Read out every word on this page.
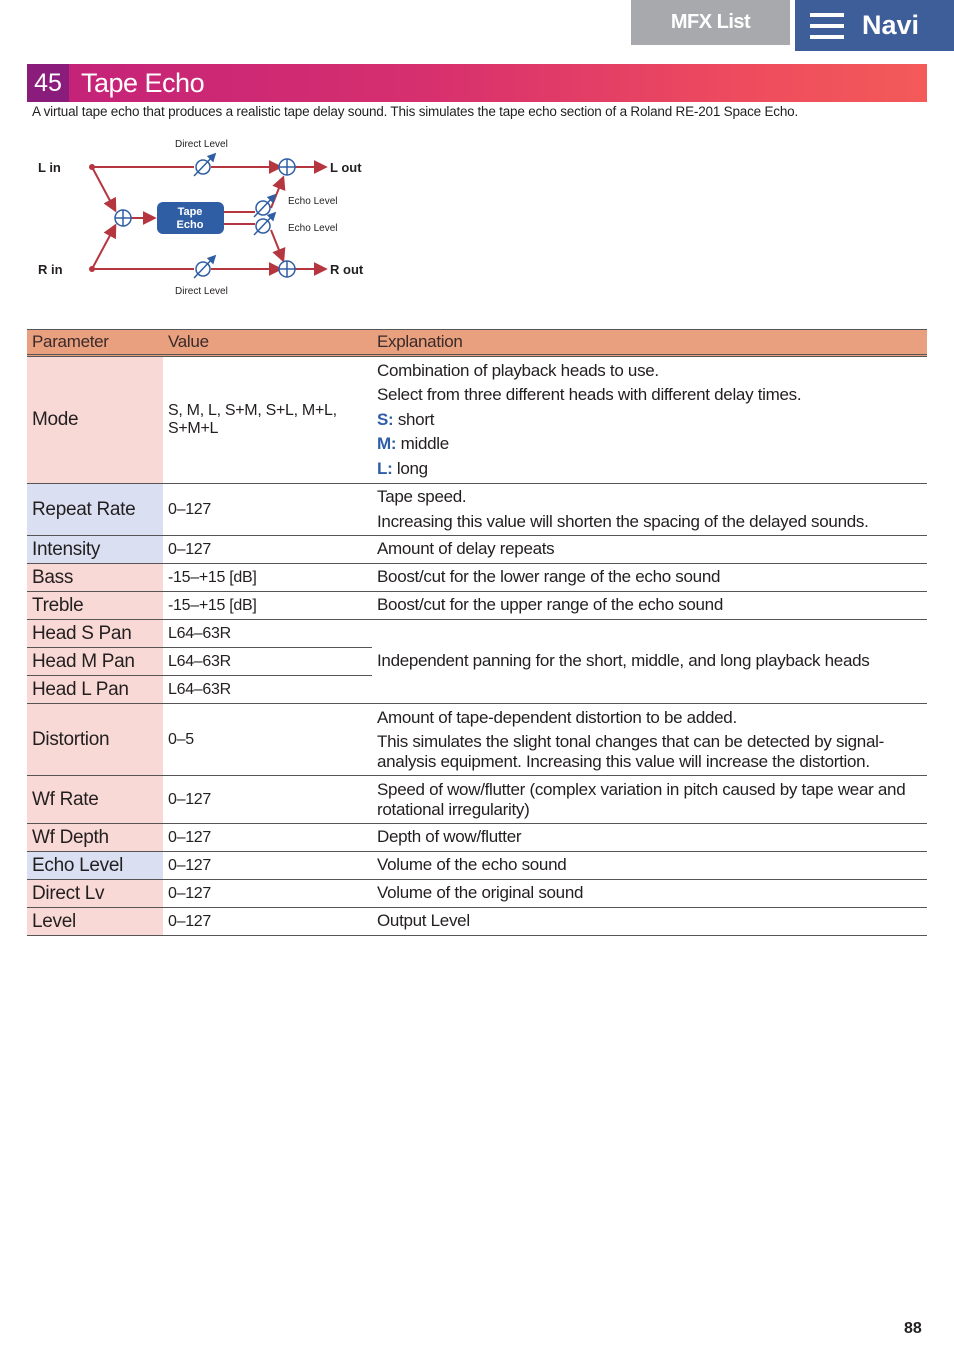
MFX List	Navi
45 Tape Echo
A virtual tape echo that produces a realistic tape delay sound. This simulates the tape echo section of a Roland RE-201 Space Echo.
Tape
Echo
L in
R in
L out
R out
Direct Level
Direct Level
Echo Level
Echo Level
Parameter	Value	Explanation
Mode	S, M, L, S+M, S+L, M+L, S+M+L	Combination of playback heads to use.
Select from three different heads with different delay times.
S: short
M: middle
L: long

Repeat Rate	0–127	Tape speed.
Increasing this value will shorten the spacing of the delayed sounds.

Intensity	0–127	Amount of delay repeats
Bass	-15–+15 [dB]	Boost/cut for the lower range of the echo sound
Treble	-15–+15 [dB]	Boost/cut for the upper range of the echo sound
Head S Pan	L64–63R	Independent panning for the short, middle, and long playback heads
Head M Pan	L64–63R	
Head L Pan	L64–63R	
Distortion	0–5	Amount of tape-dependent distortion to be added.
This simulates the slight tonal changes that can be detected by signal-analysis equipment. Increasing this value will increase the distortion.

Wf Rate	0–127	Speed of wow/flutter (complex variation in pitch caused by tape wear and rotational irregularity)
Wf Depth	0–127	Depth of wow/flutter
Echo Level	0–127	Volume of the echo sound
Direct Lv	0–127	Volume of the original sound
Level	0–127	Output Level
88
